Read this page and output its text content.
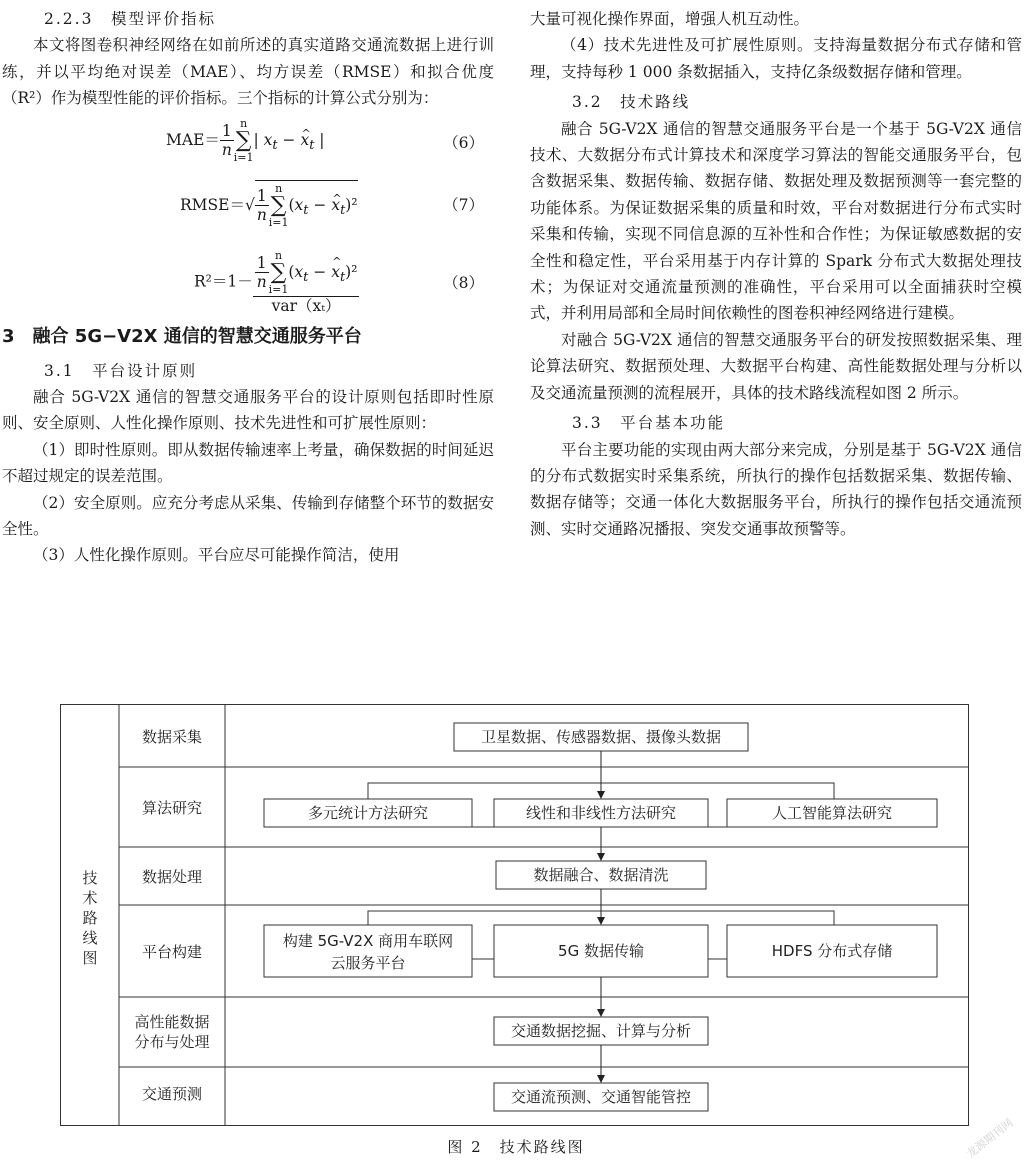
2.2.3　模型评价指标

本文将图卷积神经网络在如前所述的真实道路交通流数据上进行训练，并以平均绝对误差（MAE）、均方误差（RMSE）和拟合优度（R²）作为模型性能的评价指标。三个指标的计算公式分别为：

$MAE= \frac{1}{n}$ n
∑
i=1| $x_t$ − ^ $x_t$ |	（6）
RMSE＝√ $\frac{1}{n}$ n
∑
$i=1(x_t$ − ^ $x_t)^2$	（7）
$R^2=1- \frac{1}{n}$ n
∑
$i=1(x_t$ − ^ $x_t)^2$
var（xₜ）	（8）

3　融合 5G−V2X 通信的智慧交通服务平台

3.1　平台设计原则

融合 5G-V2X 通信的智慧交通服务平台的设计原则包括即时性原则、安全原则、人性化操作原则、技术先进性和可扩展性原则：

（1）即时性原则。即从数据传输速率上考量，确保数据的时间延迟不超过规定的误差范围。

（2）安全原则。应充分考虑从采集、传输到存储整个环节的数据安全性。

（3）人性化操作原则。平台应尽可能操作简洁，使用

大量可视化操作界面，增强人机互动性。

（4）技术先进性及可扩展性原则。支持海量数据分布式存储和管理，支持每秒 1 000 条数据插入，支持亿条级数据存储和管理。

3.2　技术路线

融合 5G-V2X 通信的智慧交通服务平台是一个基于 5G-V2X 通信技术、大数据分布式计算技术和深度学习算法的智能交通服务平台，包含数据采集、数据传输、数据存储、数据处理及数据预测等一套完整的功能体系。为保证数据采集的质量和时效，平台对数据进行分布式实时采集和传输，实现不同信息源的互补性和合作性；为保证敏感数据的安全性和稳定性，平台采用基于内存计算的 Spark 分布式大数据处理技术；为保证对交通流量预测的准确性，平台采用可以全面捕获时空模式，并利用局部和全局时间依赖性的图卷积神经网络进行建模。

对融合 5G-V2X 通信的智慧交通服务平台的研发按照数据采集、理论算法研究、数据预处理、大数据平台构建、高性能数据处理与分析以及交通流量预测的流程展开，具体的技术路线流程如图 2 所示。

3.3　平台基本功能

平台主要功能的实现由两大部分来完成，分别是基于 5G-V2X 通信的分布式数据实时采集系统，所执行的操作包括数据采集、数据传输、数据存储等；交通一体化大数据服务平台，所执行的操作包括交通流预测、实时交通路况播报、突发交通事故预警等。

技
术
路
线
图
数据采集
算法研究
数据处理
平台构建
高性能数据
分布与处理
交通预测
卫星数据、传感器数据、摄像头数据
多元统计方法研究	线性和非线性方法研究	人工智能算法研究
数据融合、数据清洗
构建 5G-V2X 商用车联网
云服务平台
5G 数据传输	HDFS 分布式存储
交通数据挖掘、计算与分析
交通流预测、交通智能管控
图 2　技术路线图	龙源期刊网
